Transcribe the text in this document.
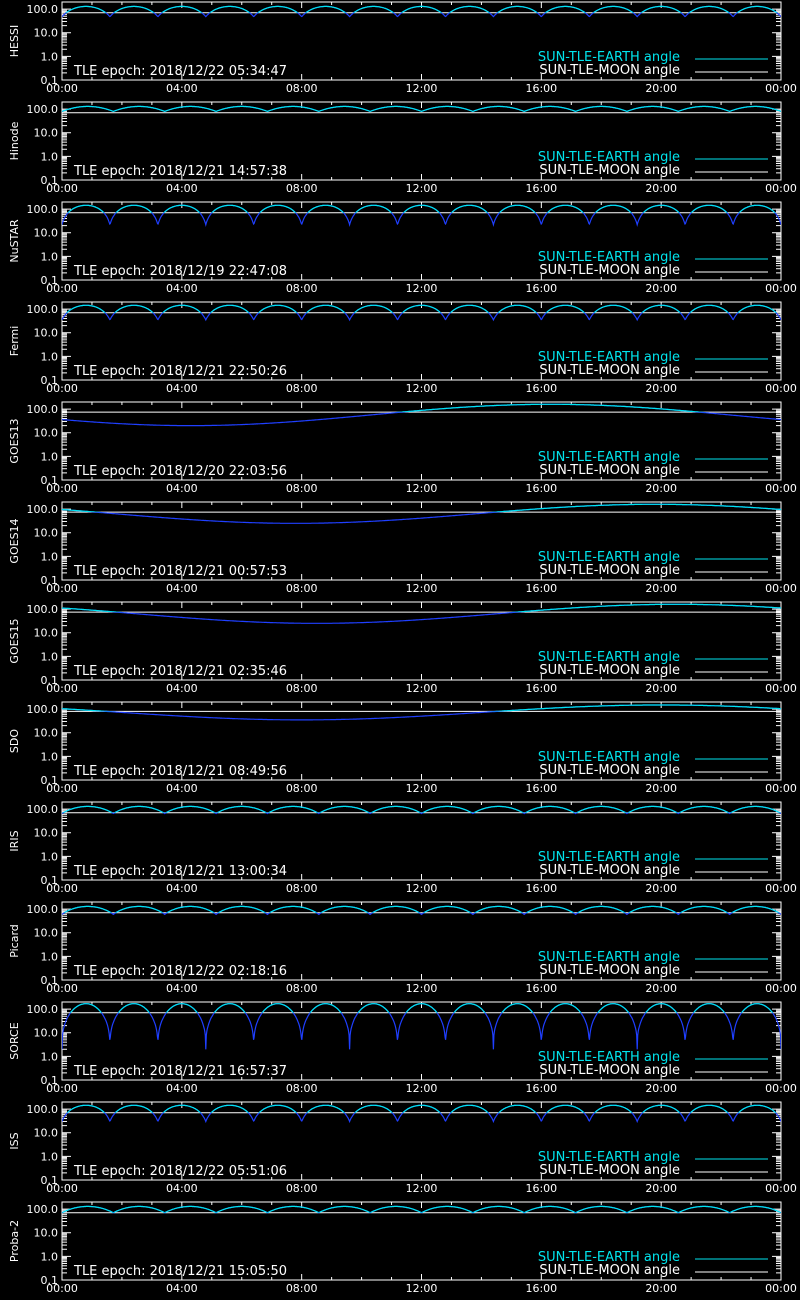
100.0
10.0
1.0
0.1
00:00	04:00	08:00	12:00	16:00	20:00	00:00
HESSI
TLE epoch: 2018/12/22 05:34:47
SUN-TLE-EARTH angle
SUN-TLE-MOON angle
100.0
10.0
1.0
0.1
00:00	04:00	08:00	12:00	16:00	20:00	00:00
Hinode
TLE epoch: 2018/12/21 14:57:38
SUN-TLE-EARTH angle
SUN-TLE-MOON angle
100.0
10.0
1.0
0.1
00:00	04:00	08:00	12:00	16:00	20:00	00:00
NuSTAR
TLE epoch: 2018/12/19 22:47:08
SUN-TLE-EARTH angle
SUN-TLE-MOON angle
100.0
10.0
1.0
0.1
00:00	04:00	08:00	12:00	16:00	20:00	00:00
Fermi
TLE epoch: 2018/12/21 22:50:26
SUN-TLE-EARTH angle
SUN-TLE-MOON angle
100.0
10.0
1.0
0.1
00:00	04:00	08:00	12:00	16:00	20:00	00:00
GOES13
TLE epoch: 2018/12/20 22:03:56
SUN-TLE-EARTH angle
SUN-TLE-MOON angle
100.0
10.0
1.0
0.1
00:00	04:00	08:00	12:00	16:00	20:00	00:00
GOES14
TLE epoch: 2018/12/21 00:57:53
SUN-TLE-EARTH angle
SUN-TLE-MOON angle
100.0
10.0
1.0
0.1
00:00	04:00	08:00	12:00	16:00	20:00	00:00
GOES15
TLE epoch: 2018/12/21 02:35:46
SUN-TLE-EARTH angle
SUN-TLE-MOON angle
100.0
10.0
1.0
0.1
00:00	04:00	08:00	12:00	16:00	20:00	00:00
SDO
TLE epoch: 2018/12/21 08:49:56
SUN-TLE-EARTH angle
SUN-TLE-MOON angle
100.0
10.0
1.0
0.1
00:00	04:00	08:00	12:00	16:00	20:00	00:00
IRIS
TLE epoch: 2018/12/21 13:00:34
SUN-TLE-EARTH angle
SUN-TLE-MOON angle
100.0
10.0
1.0
0.1
00:00	04:00	08:00	12:00	16:00	20:00	00:00
Picard
TLE epoch: 2018/12/22 02:18:16
SUN-TLE-EARTH angle
SUN-TLE-MOON angle
100.0
10.0
1.0
0.1
00:00	04:00	08:00	12:00	16:00	20:00	00:00
SORCE
TLE epoch: 2018/12/21 16:57:37
SUN-TLE-EARTH angle
SUN-TLE-MOON angle
100.0
10.0
1.0
0.1
00:00	04:00	08:00	12:00	16:00	20:00	00:00
ISS
TLE epoch: 2018/12/22 05:51:06
SUN-TLE-EARTH angle
SUN-TLE-MOON angle
100.0
10.0
1.0
0.1
00:00	04:00	08:00	12:00	16:00	20:00	00:00
Proba-2
TLE epoch: 2018/12/21 15:05:50
SUN-TLE-EARTH angle
SUN-TLE-MOON angle
